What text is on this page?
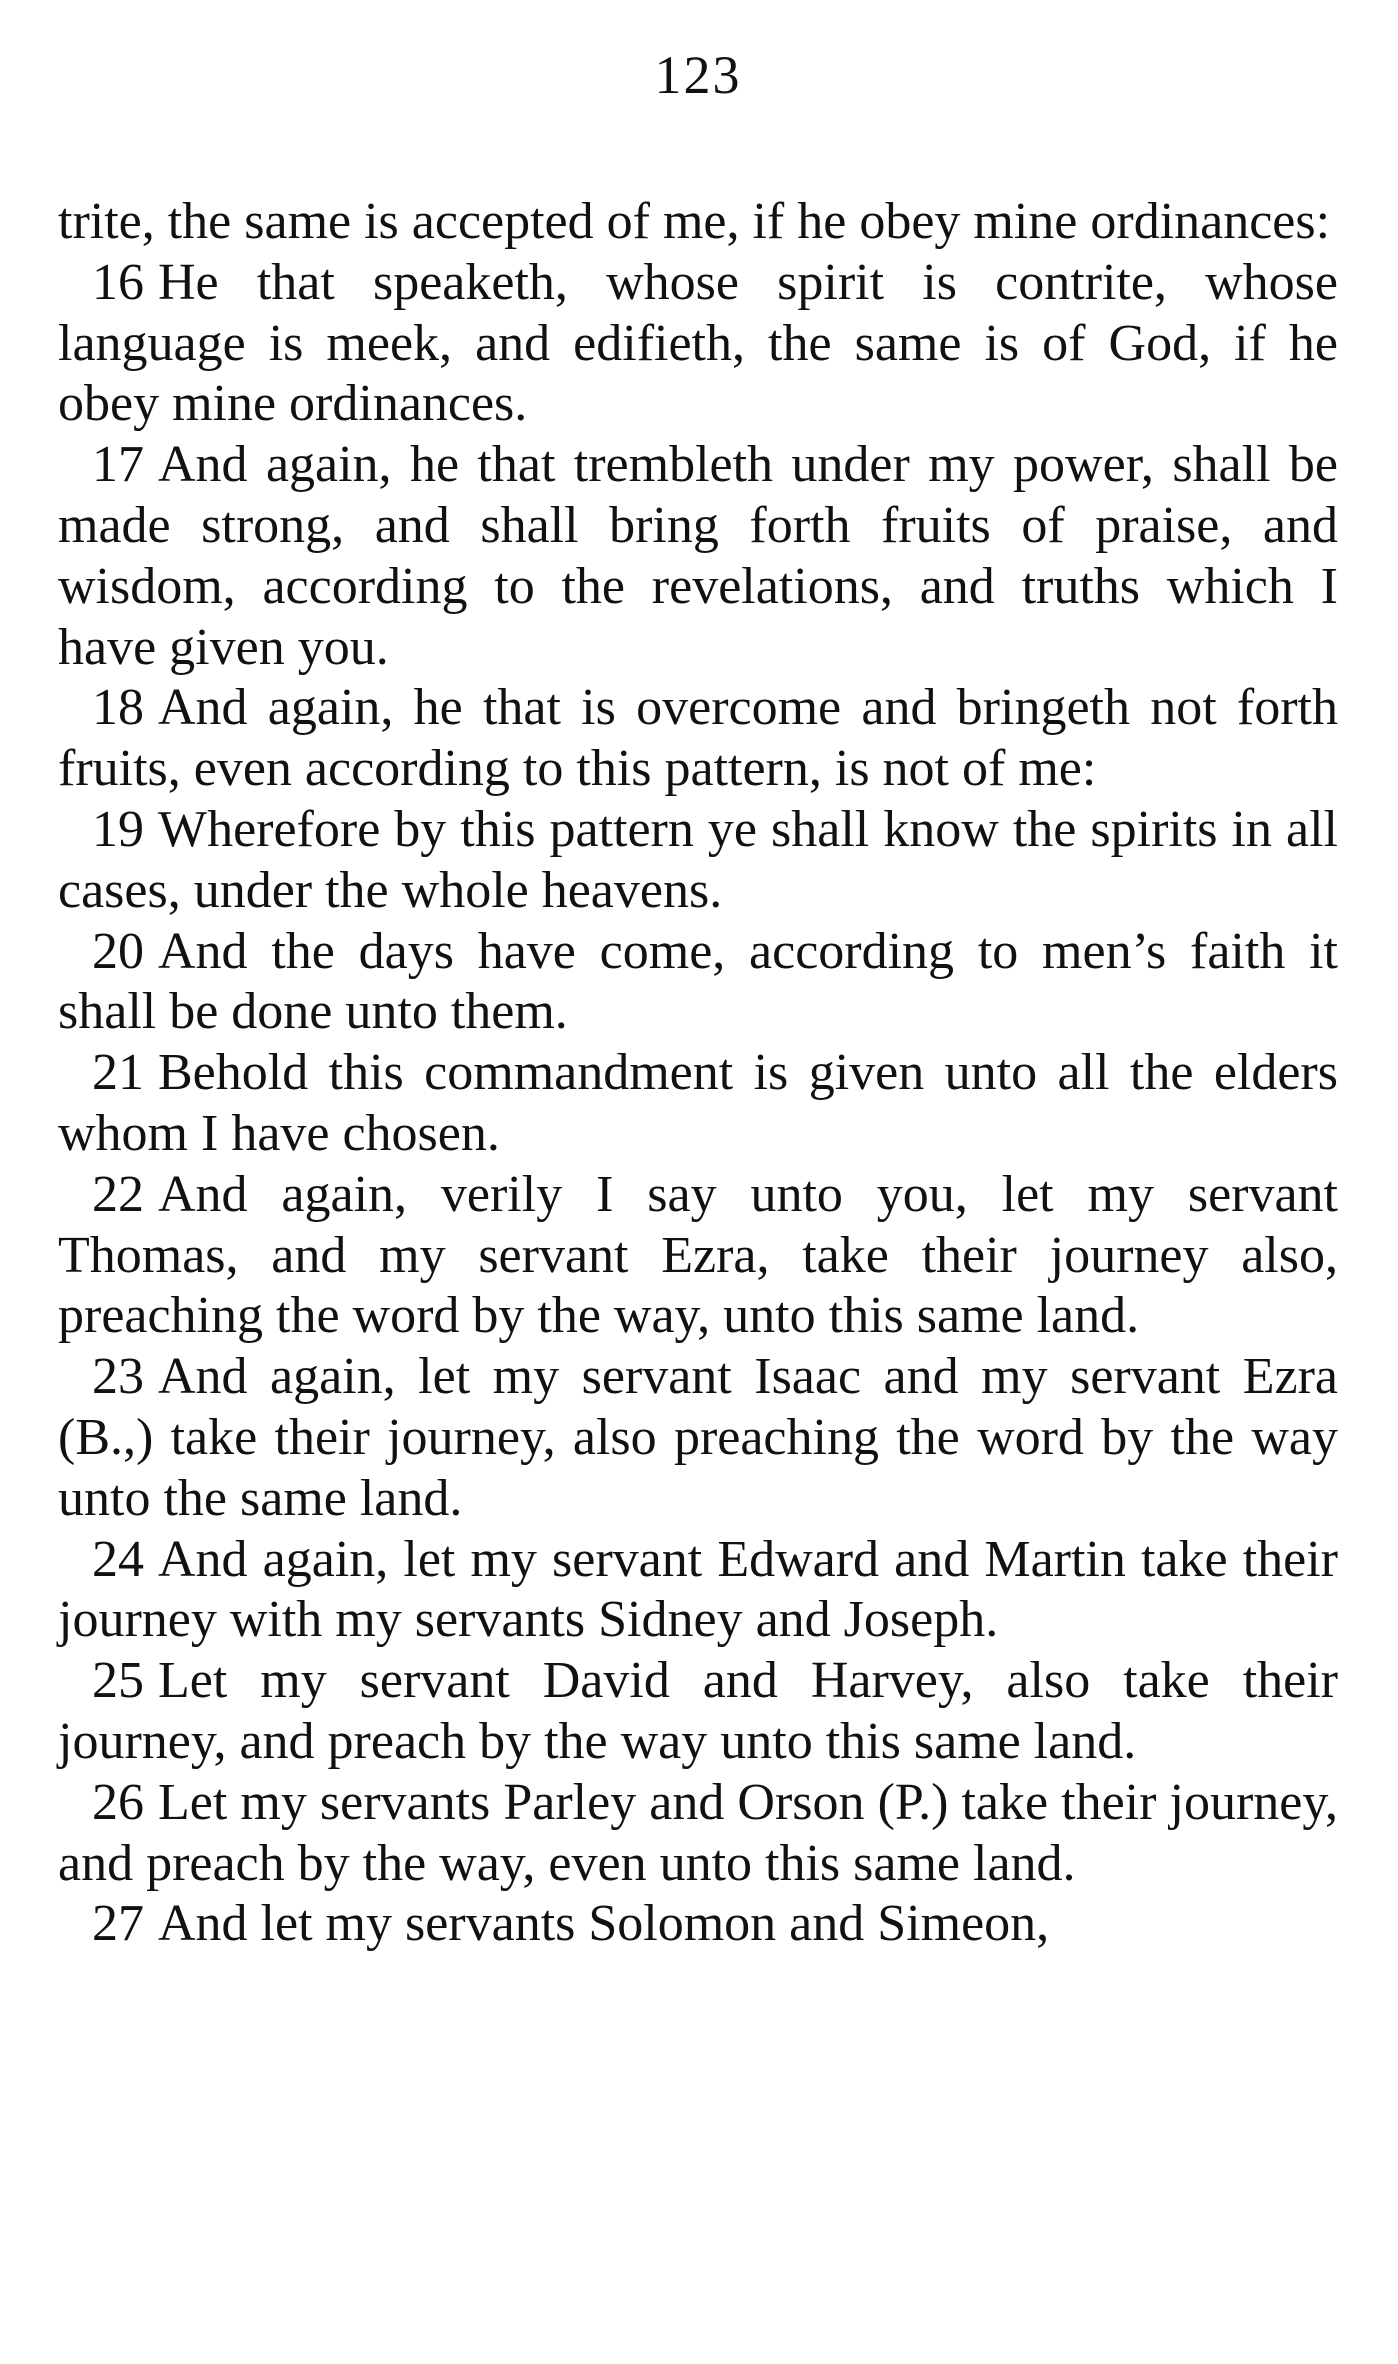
123

trite, the same is accepted of me, if he obey mine ordinances:

16 He that speaketh, whose spirit is contrite, whose language is meek, and edifieth, the same is of God, if he obey mine ordinances.

17 And again, he that trembleth under my power, shall be made strong, and shall bring forth fruits of praise, and wisdom, according to the revelations, and truths which I have given you.

18 And again, he that is overcome and bringeth not forth fruits, even according to this pattern, is not of me:

19 Wherefore by this pattern ye shall know the spirits in all cases, under the whole heavens.

20 And the days have come, according to men’s faith it shall be done unto them.

21 Behold this commandment is given unto all the elders whom I have chosen.

22 And again, verily I say unto you, let my servant Thomas, and my servant Ezra, take their journey also, preaching the word by the way, unto this same land.

23 And again, let my servant Isaac and my servant Ezra (B.,) take their journey, also preaching the word by the way unto the same land.

24 And again, let my servant Edward and Martin take their journey with my servants Sidney and Joseph.

25 Let my servant David and Harvey, also take their journey, and preach by the way unto this same land.

26 Let my servants Parley and Orson (P.) take their journey, and preach by the way, even unto this same land.

27 And let my servants Solomon and Simeon,
